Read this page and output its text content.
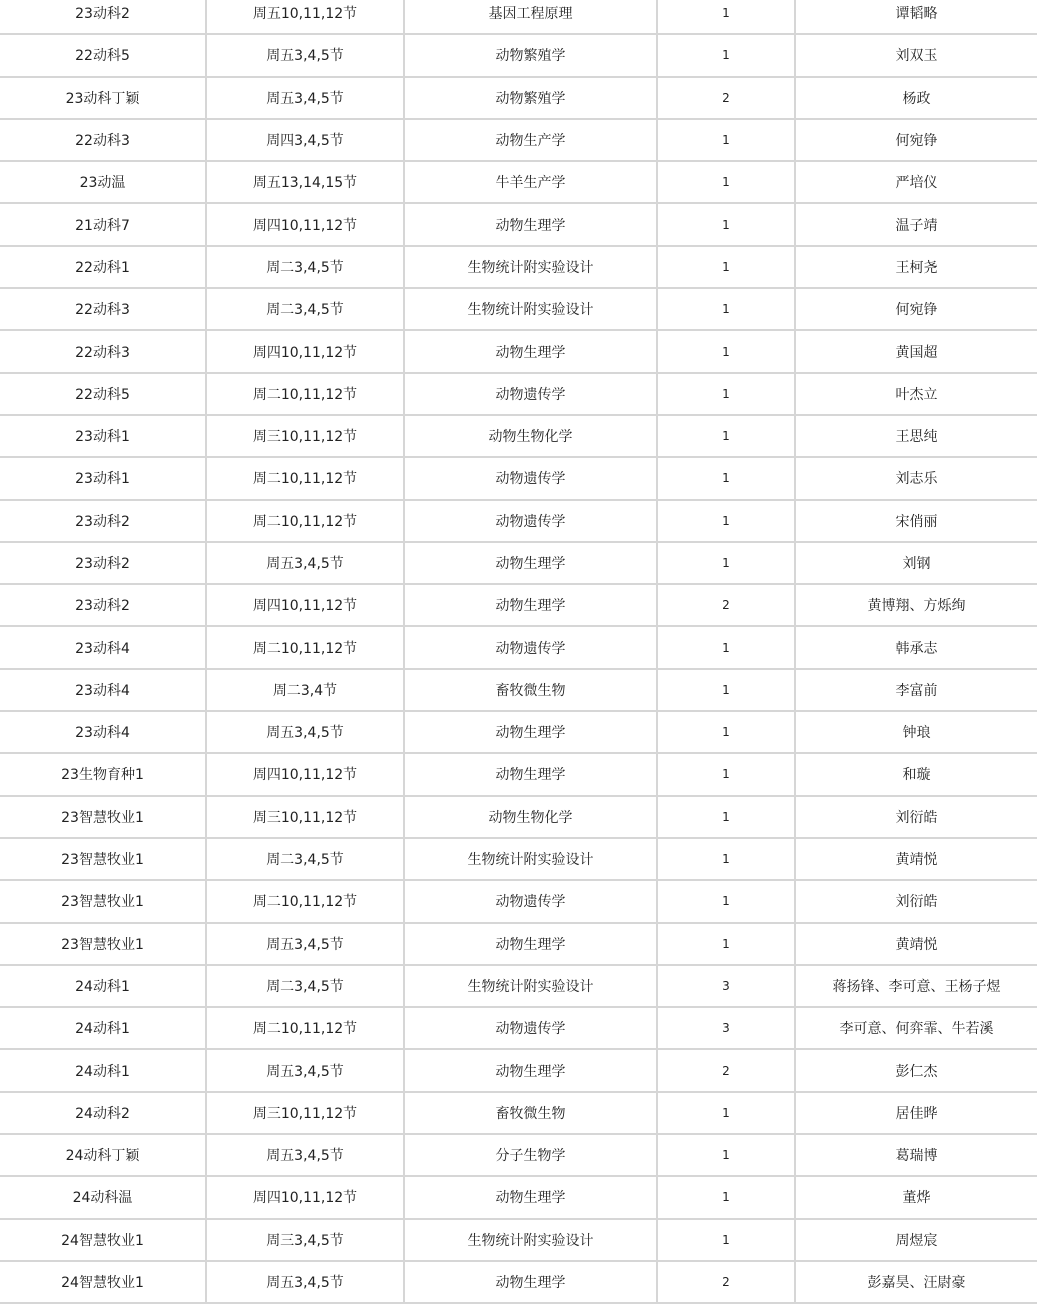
23动科2	周五10,11,12节	基因工程原理	1	谭韬略
22动科5	周五3,4,5节	动物繁殖学	1	刘双玉
23动科丁颖	周五3,4,5节	动物繁殖学	2	杨政
22动科3	周四3,4,5节	动物生产学	1	何宛铮
23动温	周五13,14,15节	牛羊生产学	1	严培仪
21动科7	周四10,11,12节	动物生理学	1	温子靖
22动科1	周二3,4,5节	生物统计附实验设计	1	王柯尧
22动科3	周二3,4,5节	生物统计附实验设计	1	何宛铮
22动科3	周四10,11,12节	动物生理学	1	黄国超
22动科5	周二10,11,12节	动物遗传学	1	叶杰立
23动科1	周三10,11,12节	动物生物化学	1	王思纯
23动科1	周二10,11,12节	动物遗传学	1	刘志乐
23动科2	周二10,11,12节	动物遗传学	1	宋俏丽
23动科2	周五3,4,5节	动物生理学	1	刘钢
23动科2	周四10,11,12节	动物生理学	2	黄博翔、方烁绚
23动科4	周二10,11,12节	动物遗传学	1	韩承志
23动科4	周二3,4节	畜牧微生物	1	李富前
23动科4	周五3,4,5节	动物生理学	1	钟琅
23生物育种1	周四10,11,12节	动物生理学	1	和璇
23智慧牧业1	周三10,11,12节	动物生物化学	1	刘衍皓
23智慧牧业1	周二3,4,5节	生物统计附实验设计	1	黄靖悦
23智慧牧业1	周二10,11,12节	动物遗传学	1	刘衍皓
23智慧牧业1	周五3,4,5节	动物生理学	1	黄靖悦
24动科1	周二3,4,5节	生物统计附实验设计	3	蒋扬锋、李可意、王杨子煜
24动科1	周二10,11,12节	动物遗传学	3	李可意、何弈霏、牛若溪
24动科1	周五3,4,5节	动物生理学	2	彭仁杰
24动科2	周三10,11,12节	畜牧微生物	1	居佳晔
24动科丁颖	周五3,4,5节	分子生物学	1	葛瑞博
24动科温	周四10,11,12节	动物生理学	1	董烨
24智慧牧业1	周三3,4,5节	生物统计附实验设计	1	周煜宸
24智慧牧业1	周五3,4,5节	动物生理学	2	彭嘉昊、汪尉豪
